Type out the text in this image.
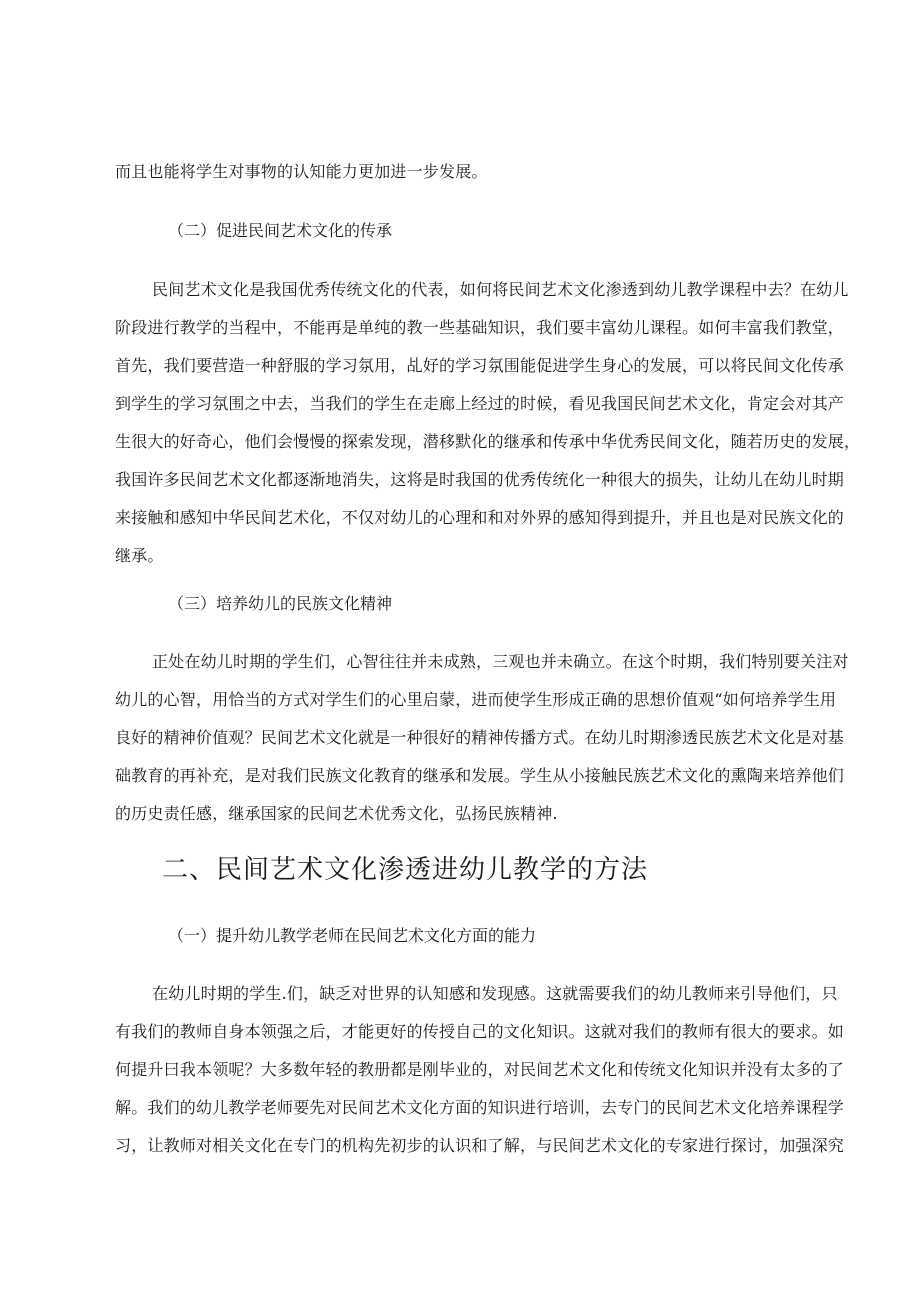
而且也能将学生对事物的认知能力更加进一步发展。
（二）促进民间艺术文化的传承
民间艺术文化是我国优秀传统文化的代表，如何将民间艺术文化渗透到幼儿教学课程中去？在幼儿
阶段进行教学的当程中，不能再是单纯的教一些基础知识，我们要丰富幼儿课程。如何丰富我们教堂，
首先，我们要营造一种舒服的学习氛用，乩好的学习氛围能促进学生身心的发展，可以将民间文化传承
到学生的学习氛围之中去，当我们的学生在走廊上经过的时候，看见我国民间艺术文化，肯定会对其产
生很大的好奇心，他们会慢慢的探索发现，潜移默化的继承和传承中华优秀民间文化，随若历史的发展，
我国许多民间艺术文化都逐渐地消失，这将是时我国的优秀传统化一种很大的损失，让幼儿在幼儿时期
来接触和感知中华民间艺术化，不仅对幼儿的心理和和对外界的感知得到提升，并且也是对民族文化的
继承。
（三）培养幼儿的民族文化精神
正处在幼儿时期的学生们，心智往往并未成熟，三观也并未确立。在这个时期，我们特别要关注对
幼儿的心智，用恰当的方式对学生们的心里启蒙，进而使学生形成正确的思想价值观“如何培养学生用
良好的精神价值观？民间艺术文化就是一种很好的精神传播方式。在幼儿时期渗透民族艺术文化是对基
础教育的再补充，是对我们民族文化教育的继承和发展。学生从小接触民族艺术文化的熏陶来培养他们
的历史责任感，继承国家的民间艺术优秀文化，弘扬民族精神.
二、民间艺术文化渗透进幼儿教学的方法
（一）提升幼儿教学老师在民间艺术文化方面的能力
在幼儿时期的学生.们，缺乏对世界的认知感和发现感。这就需要我们的幼儿教师来引导他们，只
有我们的教师自身本领强之后，才能更好的传授自己的文化知识。这就对我们的教师有很大的要求。如
何提升曰我本领呢？大多数年轻的教册都是刚毕业的，对民间艺术文化和传统文化知识并没有太多的了
解。我们的幼儿教学老师要先对民间艺术文化方面的知识进行培训，去专门的民间艺术文化培养课程学
习，让教师对相关文化在专门的机构先初步的认识和了解，与民间艺术文化的专家进行探讨，加强深究
